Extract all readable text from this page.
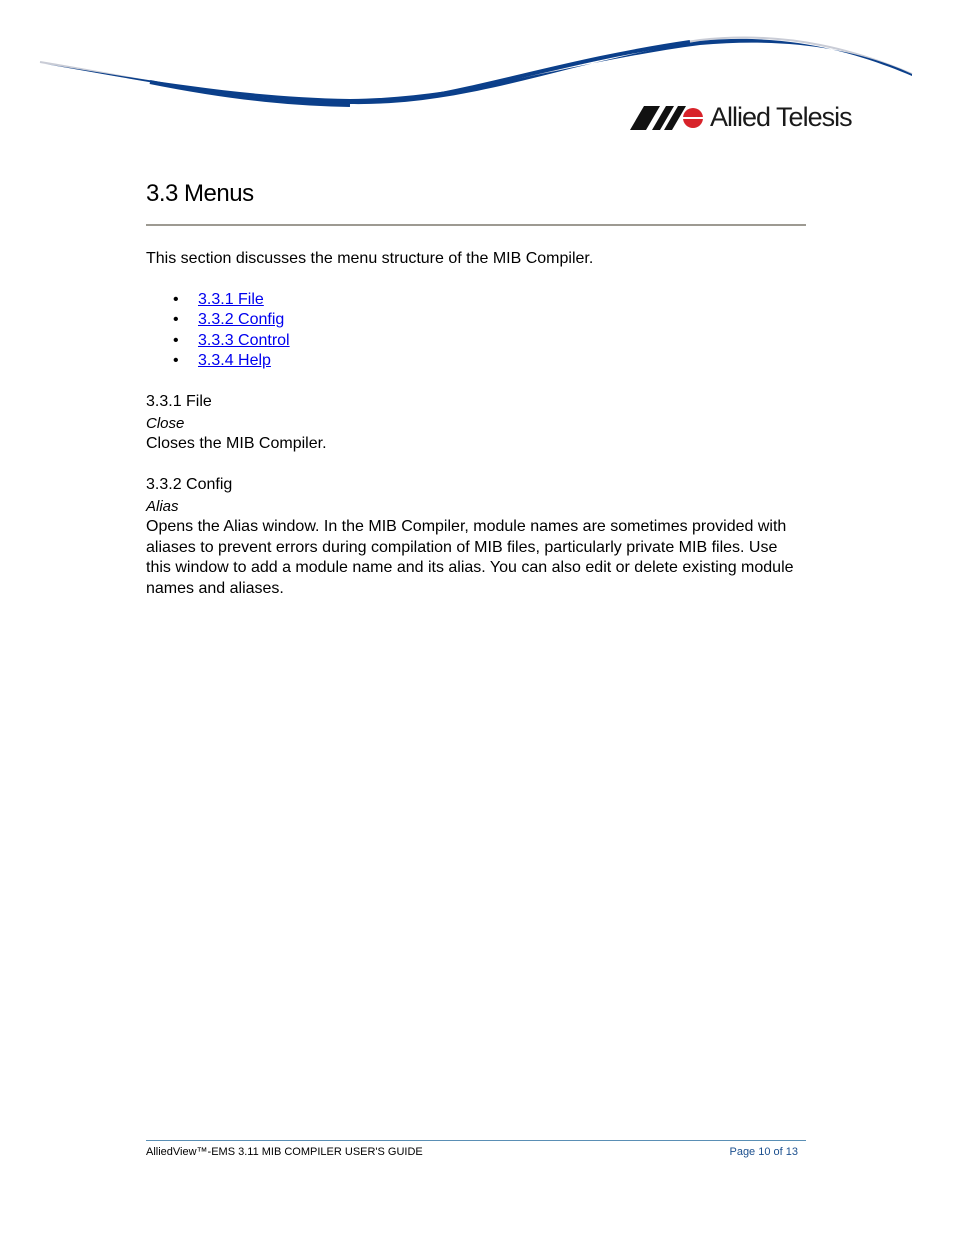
Allied Telesis
3.3 Menus

This section discusses the menu structure of the MIB Compiler.

• 3.3.1 File
• 3.3.2 Config
• 3.3.3 Control
• 3.3.4 Help
3.3.1 File
Close

Closes the MIB Compiler.

3.3.2 Config
Alias

Opens the Alias window. In the MIB Compiler, module names are sometimes provided with aliases to prevent errors during compilation of MIB files, particularly private MIB files. Use this window to add a module name and its alias. You can also edit or delete existing module names and aliases.

AlliedView™-EMS 3.11 MIB COMPILER USER'S GUIDE	Page 10 of 13
